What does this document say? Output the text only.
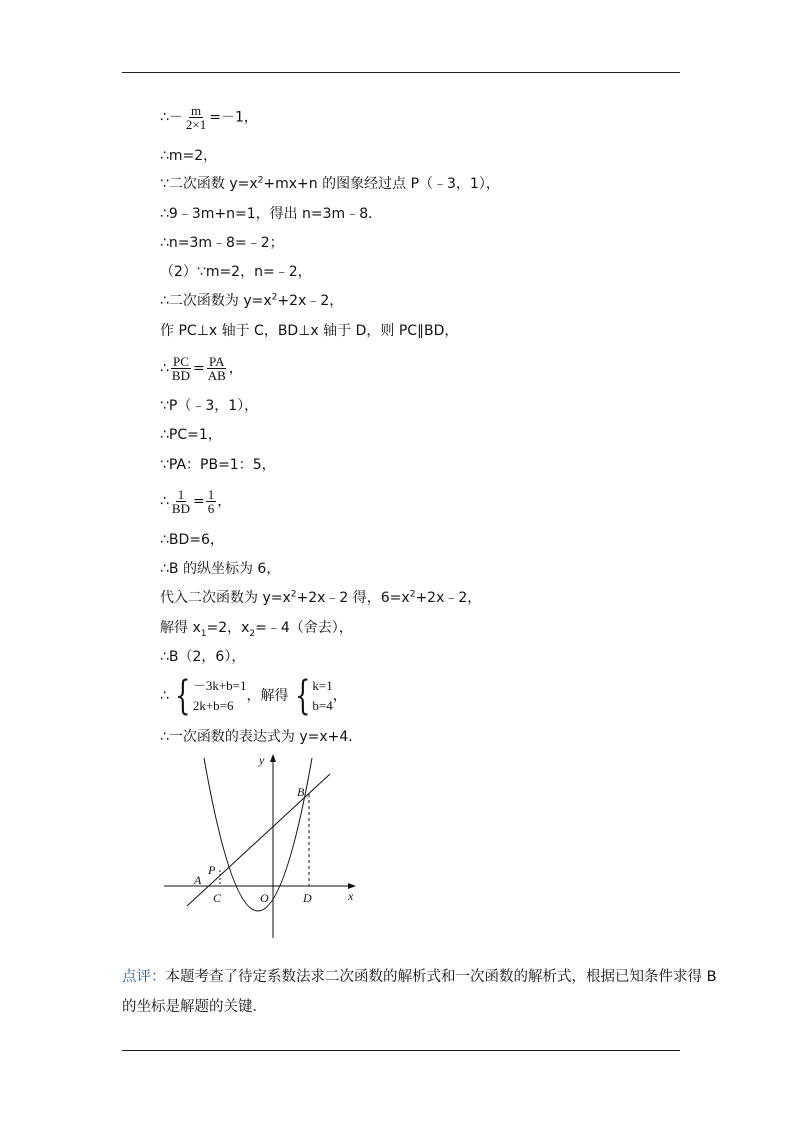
∴－ $\frac{m}{2\times 1} =-1$，
∴m=2，
∵二次函数 $y=x^2+mx+n$ 的图象经过点 P（﹣3，1），
∴9﹣3m+n=1，得出 n=3m﹣8．
∴n=3m﹣8=﹣2；
（2）∵m=2，n=﹣2，
∴二次函数为 $y=x^2+2x﹣2$，
作 PC⊥x 轴于 C，BD⊥x 轴于 D，则 PC∥BD，
∴ $\frac{PC}{BD} = \frac{PA}{AB}$ ，
∵P（﹣3，1），
∴PC=1，
∵PA：PB=1：5，
∴ $\frac{1}{BD} = \frac{1}{6}$ ，
∴BD=6，
∴B 的纵坐标为 6，
代入二次函数为 $y=x^2+2x﹣2$ 得，$6=x^2+2x﹣2$，
解得 $x_1=2$，$x_2=﹣4$（舍去），
∴B（2，6），
∴ { －3k+b=1
2k+b=6
，解得 { k=1
b=4
，
∴一次函数的表达式为 y=x+4．
y
x
B
P
A
C	O	D
点评：本题考查了待定系数法求二次函数的解析式和一次函数的解析式，根据已知条件求得 B 的坐标是解题的关键．
